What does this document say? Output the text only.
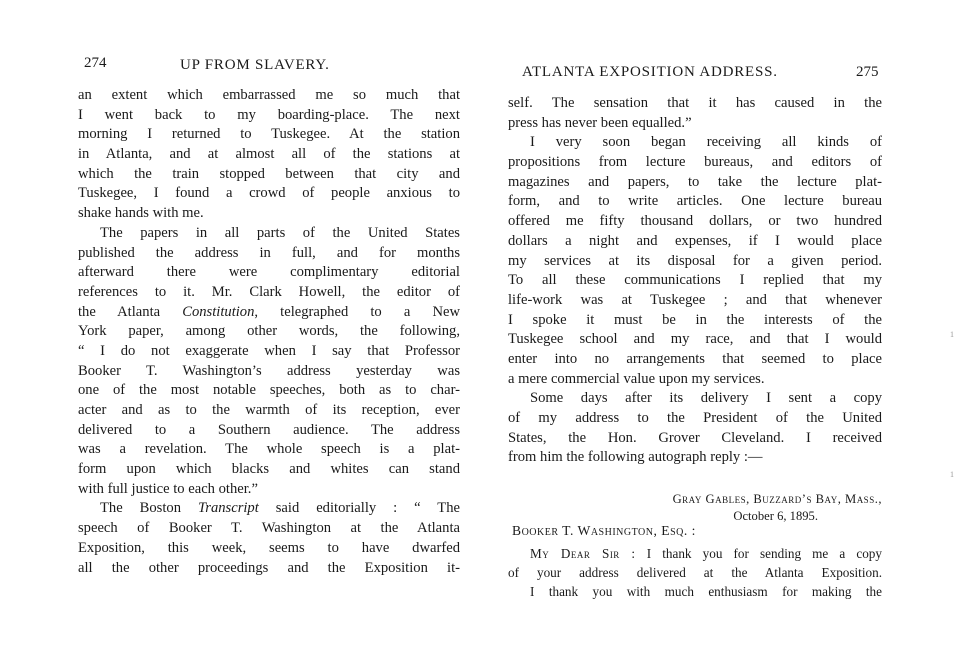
274	UP FROM SLAVERY.
an extent which embarrassed me so much that
I went back to my boarding-place. The next
morning I returned to Tuskegee. At the station
in Atlanta, and at almost all of the stations at
which the train stopped between that city and
Tuskegee, I found a crowd of people anxious to
shake hands with me.
The papers in all parts of the United States
published the address in full, and for months
afterward there were complimentary editorial
references to it. Mr. Clark Howell, the editor of
the Atlanta Constitution, telegraphed to a New
York paper, among other words, the following,
“ I do not exaggerate when I say that Professor
Booker T. Washington’s address yesterday was
one of the most notable speeches, both as to char-
acter and as to the warmth of its reception, ever
delivered to a Southern audience. The address
was a revelation. The whole speech is a plat-
form upon which blacks and whites can stand
with full justice to each other.”
The Boston Transcript said editorially : “ The
speech of Booker T. Washington at the Atlanta
Exposition, this week, seems to have dwarfed
all the other proceedings and the Exposition it-
ATLANTA EXPOSITION ADDRESS.	275
self. The sensation that it has caused in the
press has never been equalled.”
I very soon began receiving all kinds of
propositions from lecture bureaus, and editors of
magazines and papers, to take the lecture plat-
form, and to write articles. One lecture bureau
offered me fifty thousand dollars, or two hundred
dollars a night and expenses, if I would place
my services at its disposal for a given period.
To all these communications I replied that my
life-work was at Tuskegee ; and that whenever
I spoke it must be in the interests of the
Tuskegee school and my race, and that I would
enter into no arrangements that seemed to place
a mere commercial value upon my services.
Some days after its delivery I sent a copy
of my address to the President of the United
States, the Hon. Grover Cleveland. I received
from him the following autograph reply :—
Gray Gables, Buzzard’s Bay, Mass.,
October 6, 1895.
Booker T. Washington, Esq. :
My Dear Sir : I thank you for sending me a copy
of your address delivered at the Atlanta Exposition.
I thank you with much enthusiasm for making the
1
1
